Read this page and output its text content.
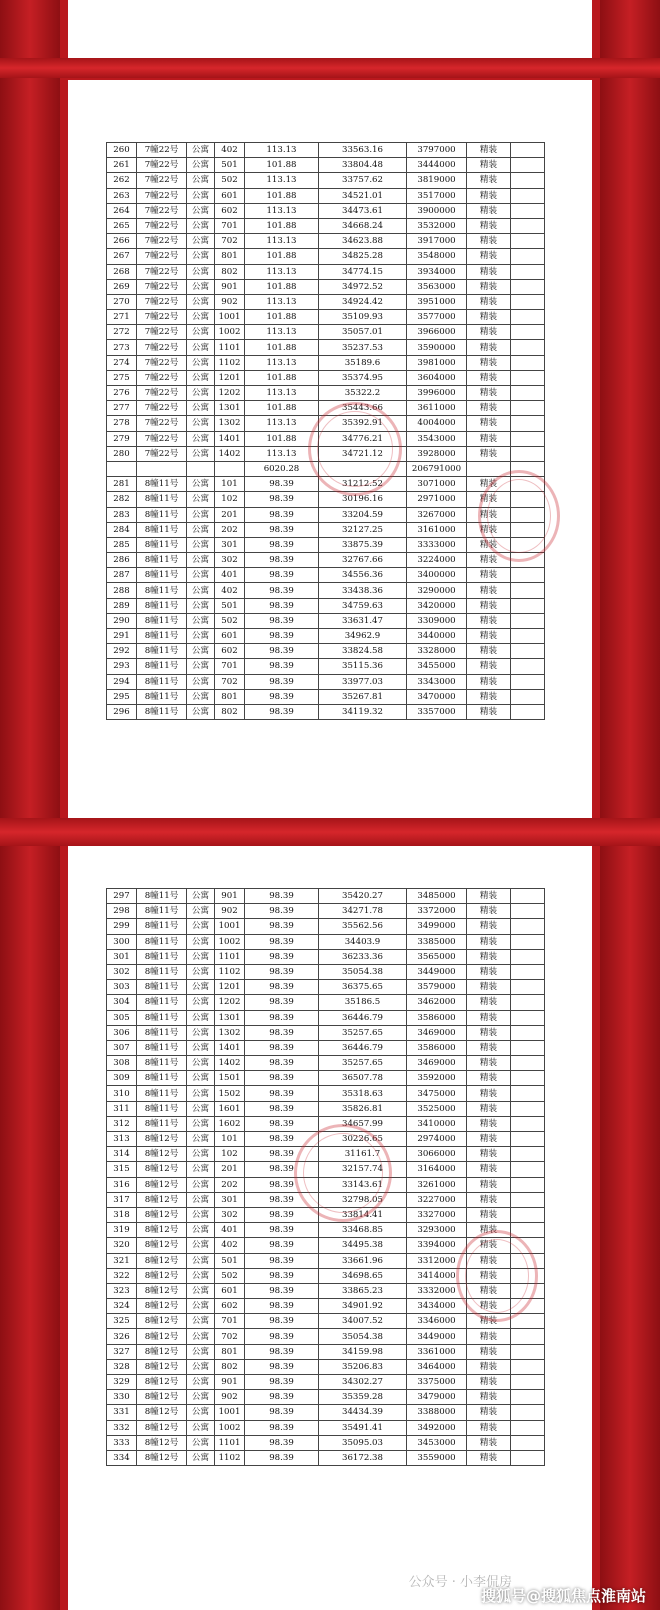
260	7幢22号	公寓	402	113.13	33563.16	3797000	精装	
261	7幢22号	公寓	501	101.88	33804.48	3444000	精装	
262	7幢22号	公寓	502	113.13	33757.62	3819000	精装	
263	7幢22号	公寓	601	101.88	34521.01	3517000	精装	
264	7幢22号	公寓	602	113.13	34473.61	3900000	精装	
265	7幢22号	公寓	701	101.88	34668.24	3532000	精装	
266	7幢22号	公寓	702	113.13	34623.88	3917000	精装	
267	7幢22号	公寓	801	101.88	34825.28	3548000	精装	
268	7幢22号	公寓	802	113.13	34774.15	3934000	精装	
269	7幢22号	公寓	901	101.88	34972.52	3563000	精装	
270	7幢22号	公寓	902	113.13	34924.42	3951000	精装	
271	7幢22号	公寓	1001	101.88	35109.93	3577000	精装	
272	7幢22号	公寓	1002	113.13	35057.01	3966000	精装	
273	7幢22号	公寓	1101	101.88	35237.53	3590000	精装	
274	7幢22号	公寓	1102	113.13	35189.6	3981000	精装	
275	7幢22号	公寓	1201	101.88	35374.95	3604000	精装	
276	7幢22号	公寓	1202	113.13	35322.2	3996000	精装	
277	7幢22号	公寓	1301	101.88	35443.66	3611000	精装	
278	7幢22号	公寓	1302	113.13	35392.91	4004000	精装	
279	7幢22号	公寓	1401	101.88	34776.21	3543000	精装	
280	7幢22号	公寓	1402	113.13	34721.12	3928000	精装	
				6020.28		206791000		
281	8幢11号	公寓	101	98.39	31212.52	3071000	精装	
282	8幢11号	公寓	102	98.39	30196.16	2971000	精装	
283	8幢11号	公寓	201	98.39	33204.59	3267000	精装	
284	8幢11号	公寓	202	98.39	32127.25	3161000	精装	
285	8幢11号	公寓	301	98.39	33875.39	3333000	精装	
286	8幢11号	公寓	302	98.39	32767.66	3224000	精装	
287	8幢11号	公寓	401	98.39	34556.36	3400000	精装	
288	8幢11号	公寓	402	98.39	33438.36	3290000	精装	
289	8幢11号	公寓	501	98.39	34759.63	3420000	精装	
290	8幢11号	公寓	502	98.39	33631.47	3309000	精装	
291	8幢11号	公寓	601	98.39	34962.9	3440000	精装	
292	8幢11号	公寓	602	98.39	33824.58	3328000	精装	
293	8幢11号	公寓	701	98.39	35115.36	3455000	精装	
294	8幢11号	公寓	702	98.39	33977.03	3343000	精装	
295	8幢11号	公寓	801	98.39	35267.81	3470000	精装	
296	8幢11号	公寓	802	98.39	34119.32	3357000	精装	
297	8幢11号	公寓	901	98.39	35420.27	3485000	精装	
298	8幢11号	公寓	902	98.39	34271.78	3372000	精装	
299	8幢11号	公寓	1001	98.39	35562.56	3499000	精装	
300	8幢11号	公寓	1002	98.39	34403.9	3385000	精装	
301	8幢11号	公寓	1101	98.39	36233.36	3565000	精装	
302	8幢11号	公寓	1102	98.39	35054.38	3449000	精装	
303	8幢11号	公寓	1201	98.39	36375.65	3579000	精装	
304	8幢11号	公寓	1202	98.39	35186.5	3462000	精装	
305	8幢11号	公寓	1301	98.39	36446.79	3586000	精装	
306	8幢11号	公寓	1302	98.39	35257.65	3469000	精装	
307	8幢11号	公寓	1401	98.39	36446.79	3586000	精装	
308	8幢11号	公寓	1402	98.39	35257.65	3469000	精装	
309	8幢11号	公寓	1501	98.39	36507.78	3592000	精装	
310	8幢11号	公寓	1502	98.39	35318.63	3475000	精装	
311	8幢11号	公寓	1601	98.39	35826.81	3525000	精装	
312	8幢11号	公寓	1602	98.39	34657.99	3410000	精装	
313	8幢12号	公寓	101	98.39	30226.65	2974000	精装	
314	8幢12号	公寓	102	98.39	31161.7	3066000	精装	
315	8幢12号	公寓	201	98.39	32157.74	3164000	精装	
316	8幢12号	公寓	202	98.39	33143.61	3261000	精装	
317	8幢12号	公寓	301	98.39	32798.05	3227000	精装	
318	8幢12号	公寓	302	98.39	33814.41	3327000	精装	
319	8幢12号	公寓	401	98.39	33468.85	3293000	精装	
320	8幢12号	公寓	402	98.39	34495.38	3394000	精装	
321	8幢12号	公寓	501	98.39	33661.96	3312000	精装	
322	8幢12号	公寓	502	98.39	34698.65	3414000	精装	
323	8幢12号	公寓	601	98.39	33865.23	3332000	精装	
324	8幢12号	公寓	602	98.39	34901.92	3434000	精装	
325	8幢12号	公寓	701	98.39	34007.52	3346000	精装	
326	8幢12号	公寓	702	98.39	35054.38	3449000	精装	
327	8幢12号	公寓	801	98.39	34159.98	3361000	精装	
328	8幢12号	公寓	802	98.39	35206.83	3464000	精装	
329	8幢12号	公寓	901	98.39	34302.27	3375000	精装	
330	8幢12号	公寓	902	98.39	35359.28	3479000	精装	
331	8幢12号	公寓	1001	98.39	34434.39	3388000	精装	
332	8幢12号	公寓	1002	98.39	35491.41	3492000	精装	
333	8幢12号	公寓	1101	98.39	35095.03	3453000	精装	
334	8幢12号	公寓	1102	98.39	36172.38	3559000	精装	
公众号 · 小李侃房
搜狐号@搜狐焦点淮南站
